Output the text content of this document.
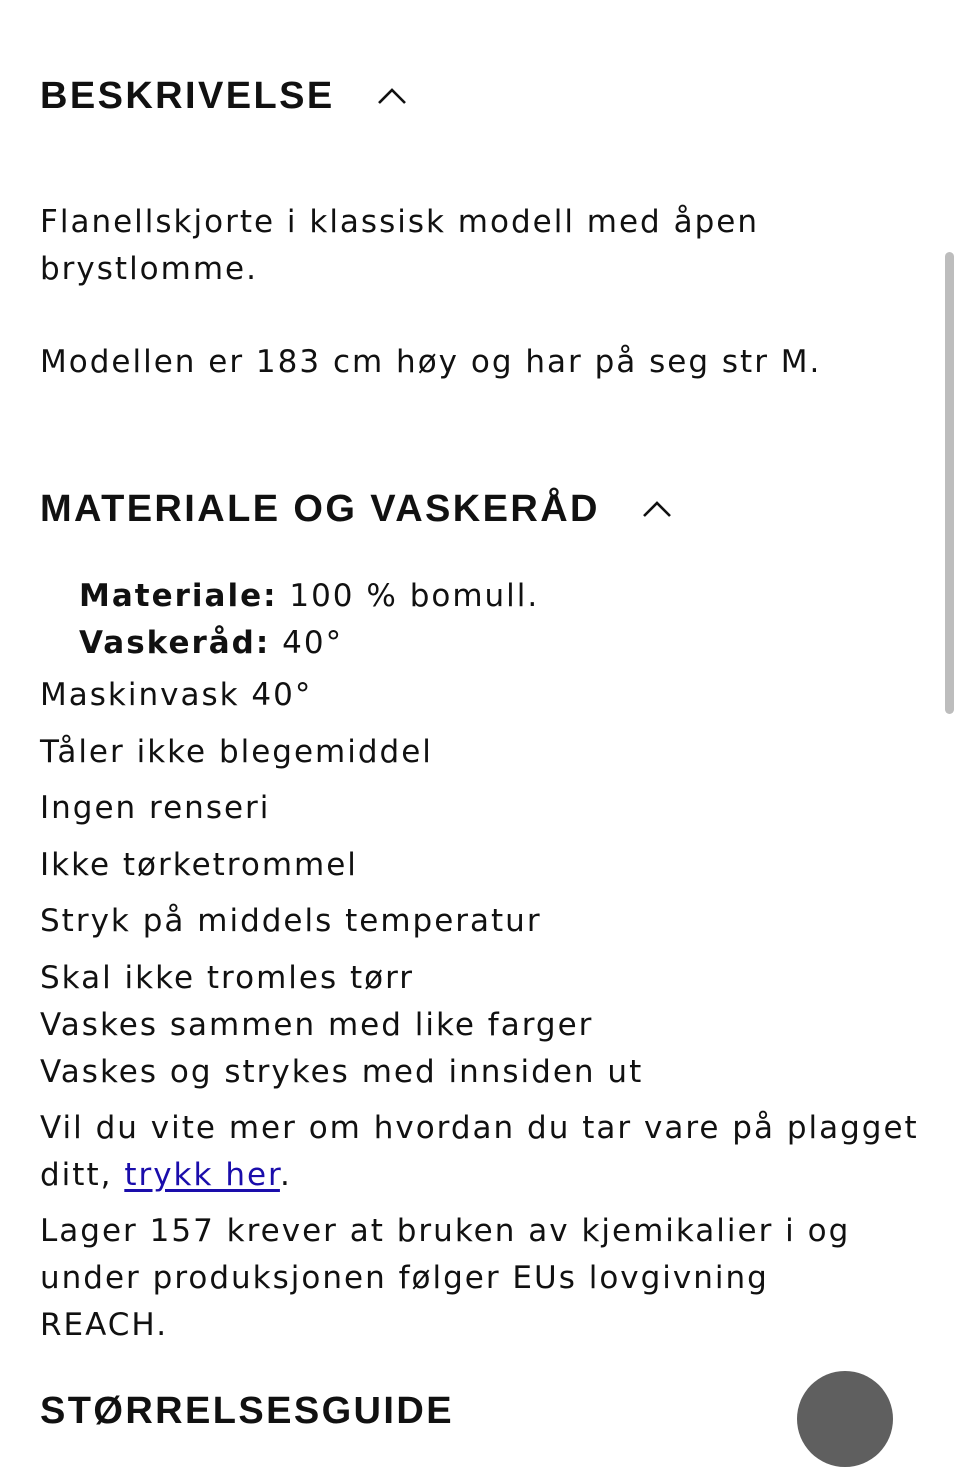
BESKRIVELSE
Flanellskjorte i klassisk modell med åpen
brystlomme.
Modellen er 183 cm høy og har på seg str M.
MATERIALE OG VASKERÅD
Materiale: 100 % bomull.
Vaskeråd: 40°
Maskinvask 40°
Tåler ikke blegemiddel
Ingen renseri
Ikke tørketrommel
Stryk på middels temperatur
Skal ikke tromles tørr
Vaskes sammen med like farger
Vaskes og strykes med innsiden ut
Vil du vite mer om hvordan du tar vare på plagget
ditt, trykk her.
Lager 157 krever at bruken av kjemikalier i og
under produksjonen følger EUs lovgivning
REACH.
STØRRELSESGUIDE
